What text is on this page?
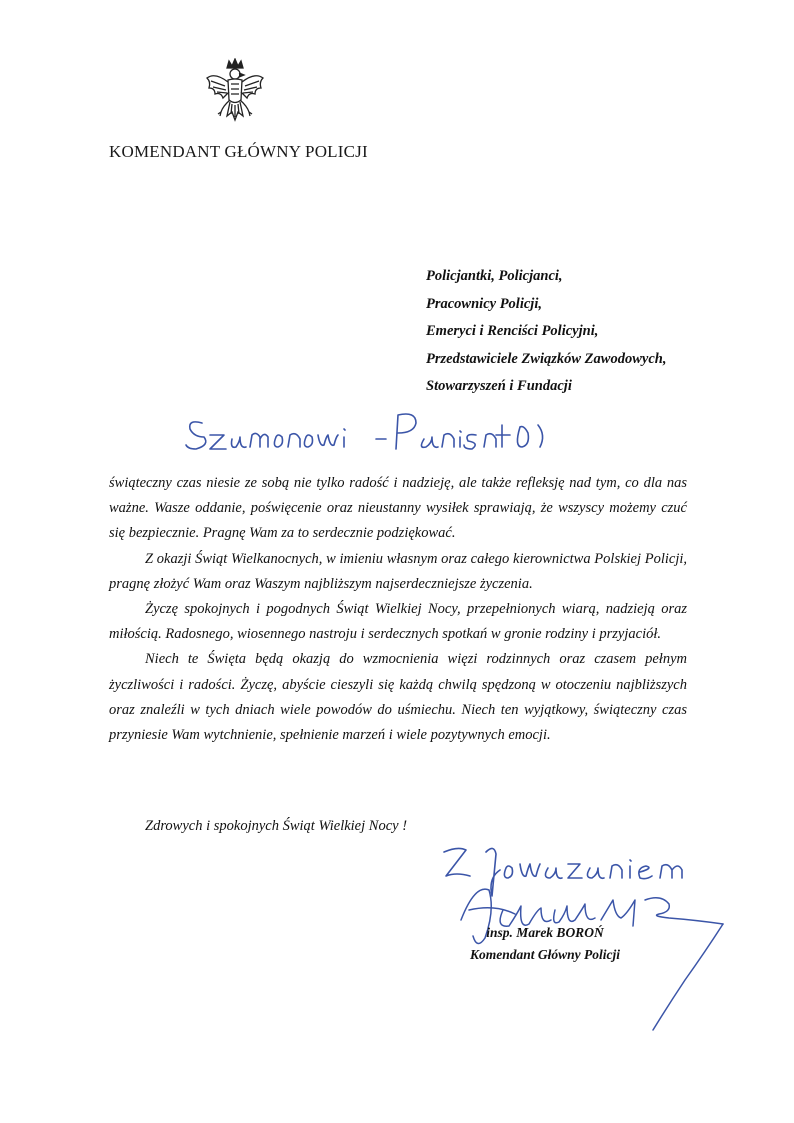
KOMENDANT GŁÓWNY POLICJI
Policjantki, Policjanci,
Pracownicy Policji,
Emeryci i Renciści Policyjni,
Przedstawiciele Związków Zawodowych,
Stowarzyszeń i Fundacji

świąteczny czas niesie ze sobą nie tylko radość i nadzieję, ale także refleksję nad tym, co dla nas ważne. Wasze oddanie, poświęcenie oraz nieustanny wysiłek sprawiają, że wszyscy możemy czuć się bezpiecznie. Pragnę Wam za to serdecznie podziękować.

Z okazji Świąt Wielkanocnych, w imieniu własnym oraz całego kierownictwa Polskiej Policji, pragnę złożyć Wam oraz Waszym najbliższym najserdeczniejsze życzenia.

Życzę spokojnych i pogodnych Świąt Wielkiej Nocy, przepełnionych wiarą, nadzieją oraz miłością. Radosnego, wiosennego nastroju i serdecznych spotkań w gronie rodziny i przyjaciół.

Niech te Święta będą okazją do wzmocnienia więzi rodzinnych oraz czasem pełnym życzliwości i radości. Życzę, abyście cieszyli się każdą chwilą spędzoną w otoczeniu najbliższych oraz znaleźli w tych dniach wiele powodów do uśmiechu. Niech ten wyjątkowy, świąteczny czas przyniesie Wam wytchnienie, spełnienie marzeń i wiele pozytywnych emocji.

Zdrowych i spokojnych Świąt Wielkiej Nocy !
insp. Marek BOROŃ
Komendant Główny Policji
